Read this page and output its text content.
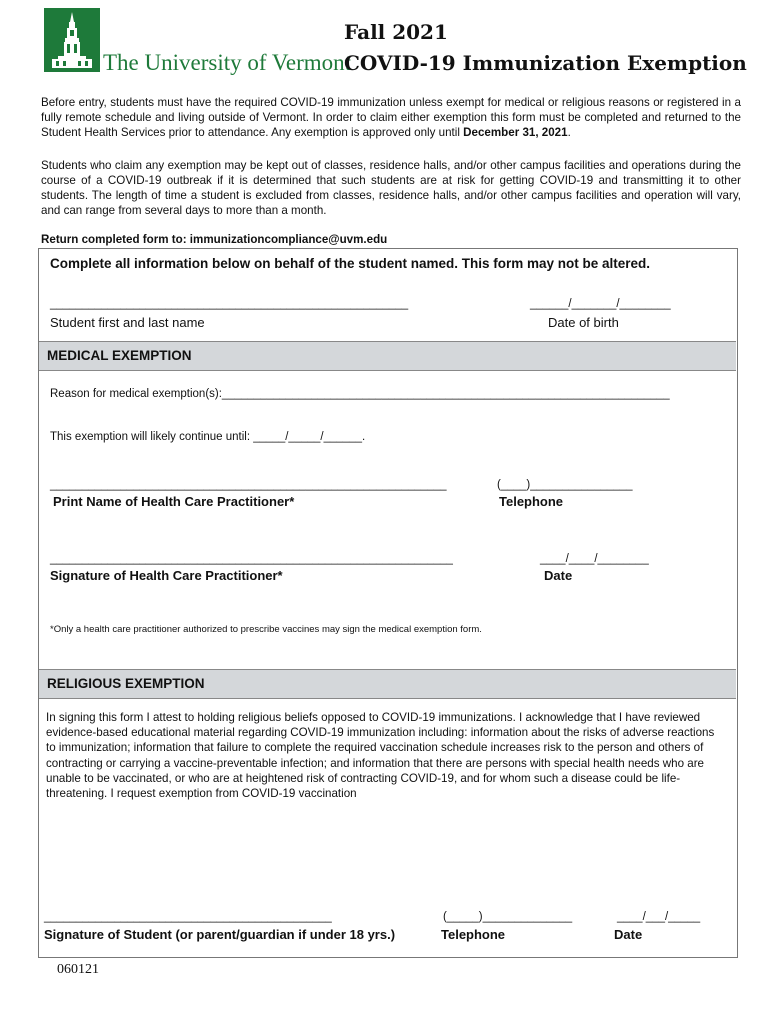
The University of Vermont
Fall 2021
COVID-19 Immunization Exemption
Before entry, students must have the required COVID-19 immunization unless exempt for medical or religious reasons or registered in a fully remote schedule and living outside of Vermont. In order to claim either exemption this form must be completed and returned to the Student Health Services prior to attendance. Any exemption is approved only until December 31, 2021.
Students who claim any exemption may be kept out of classes, residence halls, and/or other campus facilities and operations during the course of a COVID-19 outbreak if it is determined that such students are at risk for getting COVID-19 and transmitting it to other students. The length of time a student is excluded from classes, residence halls, and/or other campus facilities and operation will vary, and can range from several days to more than a month.
Return completed form to: immunizationcompliance@uvm.edu
Complete all information below on behalf of the student named. This form may not be altered.
________________________________________________________	______/_______/________
Student first and last name	Date of birth
MEDICAL EXEMPTION
Reason for medical exemption(s):______________________________________________________________________
This exemption will likely continue until: _____/_____/______.
______________________________________________________________	(____)________________
Print Name of Health Care Practitioner*	Telephone
_______________________________________________________________	____/____/________
Signature of Health Care Practitioner*	Date
*Only a health care practitioner authorized to prescribe vaccines may sign the medical exemption form.
RELIGIOUS EXEMPTION
In signing this form I attest to holding religious beliefs opposed to COVID-19 immunizations. I acknowledge that I have reviewed evidence-based educational material regarding COVID-19 immunization including: information about the risks of adverse reactions to immunization; information that failure to complete the required vaccination schedule increases risk to the person and others of contracting or carrying a vaccine-preventable infection; and information that there are persons with special health needs who are unable to be vaccinated, or who are at heightened risk of contracting COVID-19, and for whom such a disease could be life-threatening. I request exemption from COVID-19 vaccination
_____________________________________________	(_____)______________	____/___/_____
Signature of Student (or parent/guardian if under 18 yrs.)	Telephone	Date
060121
